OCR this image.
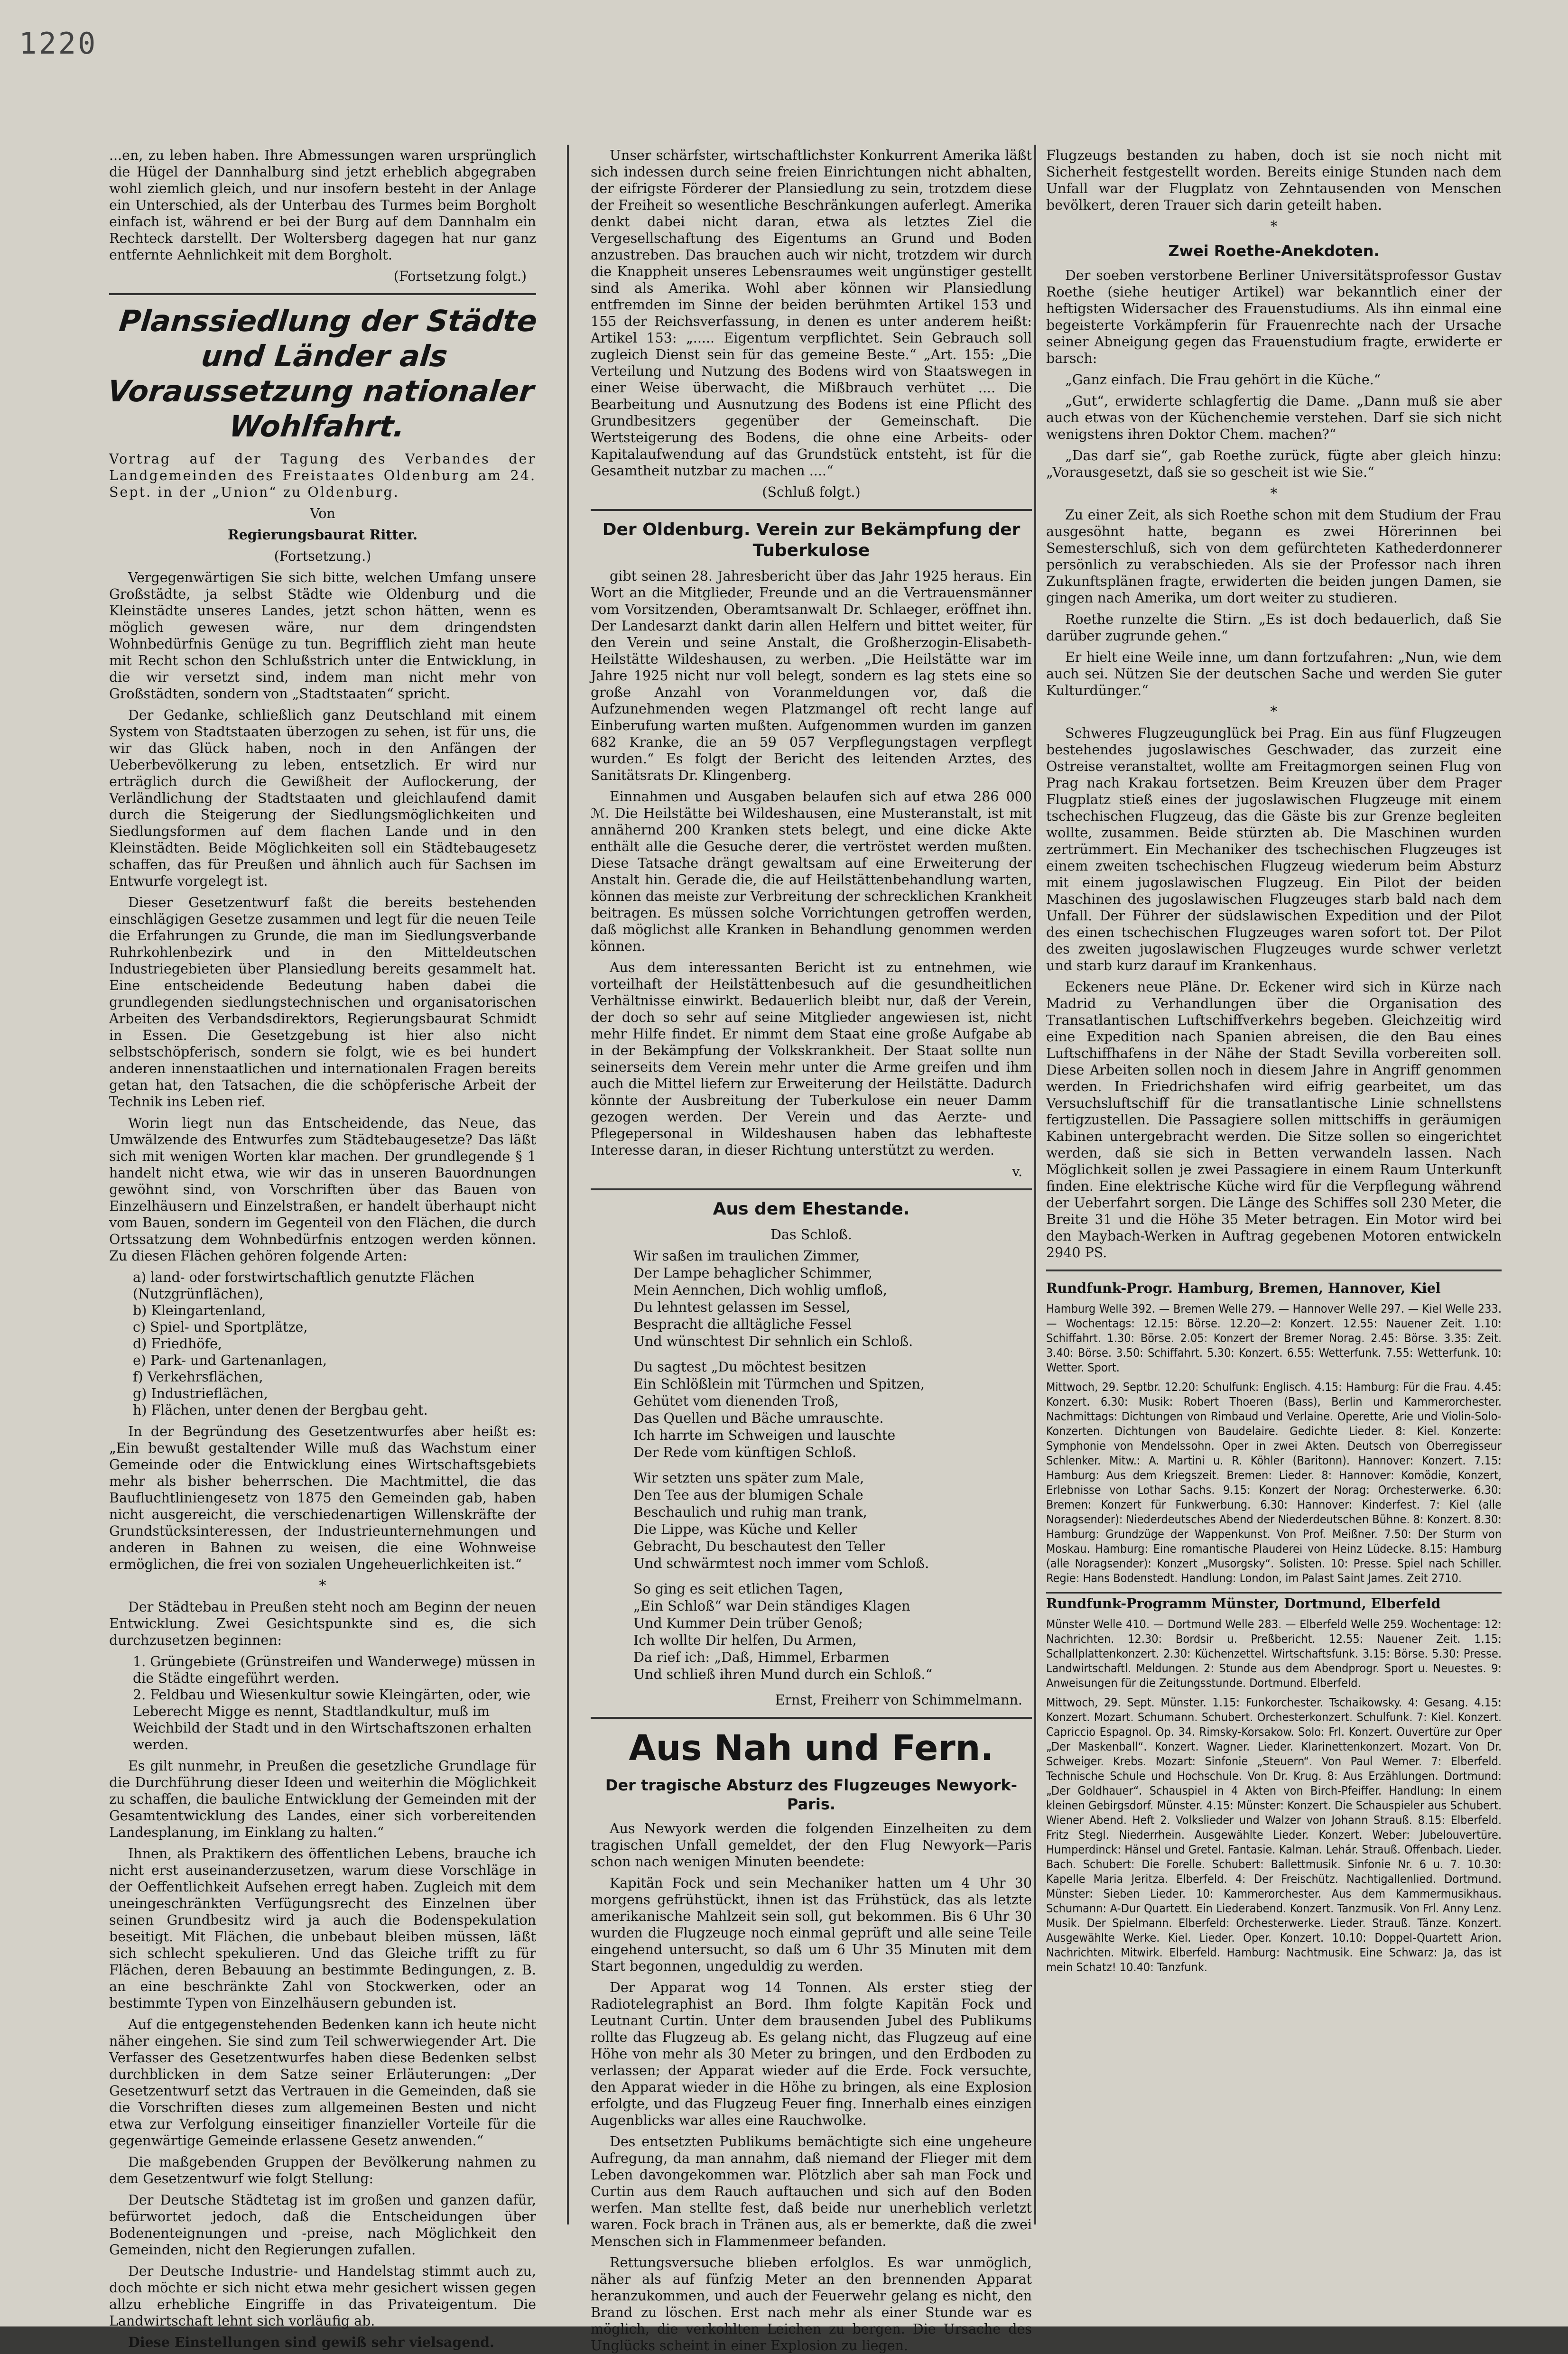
1220

...en, zu leben haben. Ihre Abmessungen waren ursprünglich die Hügel der Dannhalburg sind jetzt erheblich abgegraben wohl ziemlich gleich, und nur insofern besteht in der Anlage ein Unterschied, als der Unterbau des Turmes beim Borgholt einfach ist, während er bei der Burg auf dem Dannhalm ein Rechteck darstellt. Der Woltersberg dagegen hat nur ganz entfernte Aehnlichkeit mit dem Borgholt.

(Fortsetzung folgt.)

Planssiedlung der Städte und Länder als Voraussetzung nationaler Wohlfahrt.

Vortrag auf der Tagung des Verbandes der Landgemeinden des Freistaates Oldenburg am 24. Sept. in der „Union“ zu Oldenburg.

Von

Regierungsbaurat Ritter.

(Fortsetzung.)

Vergegenwärtigen Sie sich bitte, welchen Umfang unsere Großstädte, ja selbst Städte wie Oldenburg und die Kleinstädte unseres Landes, jetzt schon hätten, wenn es möglich gewesen wäre, nur dem dringendsten Wohnbedürfnis Genüge zu tun. Begrifflich zieht man heute mit Recht schon den Schlußstrich unter die Entwicklung, in die wir versetzt sind, indem man nicht mehr von Großstädten, sondern von „Stadtstaaten“ spricht.

Der Gedanke, schließlich ganz Deutschland mit einem System von Stadtstaaten überzogen zu sehen, ist für uns, die wir das Glück haben, noch in den Anfängen der Ueberbevölkerung zu leben, entsetzlich. Er wird nur erträglich durch die Gewißheit der Auflockerung, der Verländlichung der Stadtstaaten und gleichlaufend damit durch die Steigerung der Siedlungsmöglichkeiten und Siedlungsformen auf dem flachen Lande und in den Kleinstädten. Beide Möglichkeiten soll ein Städtebaugesetz schaffen, das für Preußen und ähnlich auch für Sachsen im Entwurfe vorgelegt ist.

Dieser Gesetzentwurf faßt die bereits bestehenden einschlägigen Gesetze zusammen und legt für die neuen Teile die Erfahrungen zu Grunde, die man im Siedlungsverbande Ruhrkohlenbezirk und in den Mitteldeutschen Industriegebieten über Plansiedlung bereits gesammelt hat. Eine entscheidende Bedeutung haben dabei die grundlegenden siedlungstechnischen und organisatorischen Arbeiten des Verbandsdirektors, Regierungsbaurat Schmidt in Essen. Die Gesetzgebung ist hier also nicht selbstschöpferisch, sondern sie folgt, wie es bei hundert anderen innenstaatlichen und internationalen Fragen bereits getan hat, den Tatsachen, die die schöpferische Arbeit der Technik ins Leben rief.

Worin liegt nun das Entscheidende, das Neue, das Umwälzende des Entwurfes zum Städtebaugesetze? Das läßt sich mit wenigen Worten klar machen. Der grundlegende § 1 handelt nicht etwa, wie wir das in unseren Bauordnungen gewöhnt sind, von Vorschriften über das Bauen von Einzelhäusern und Einzelstraßen, er handelt überhaupt nicht vom Bauen, sondern im Gegenteil von den Flächen, die durch Ortssatzung dem Wohnbedürfnis entzogen werden können. Zu diesen Flächen gehören folgende Arten:

a) land- oder forstwirtschaftlich genutzte Flächen (Nutzgrünflächen),
b) Kleingartenland,
c) Spiel- und Sportplätze,
d) Friedhöfe,
e) Park- und Gartenanlagen,
f) Verkehrsflächen,
g) Industrieflächen,
h) Flächen, unter denen der Bergbau geht.

In der Begründung des Gesetzentwurfes aber heißt es: „Ein bewußt gestaltender Wille muß das Wachstum einer Gemeinde oder die Entwicklung eines Wirtschaftsgebiets mehr als bisher beherrschen. Die Machtmittel, die das Baufluchtliniengesetz von 1875 den Gemeinden gab, haben nicht ausgereicht, die verschiedenartigen Willenskräfte der Grundstücksinteressen, der Industrieunternehmungen und anderen in Bahnen zu weisen, die eine Wohnweise ermöglichen, die frei von sozialen Ungeheuerlichkeiten ist.“

*

Der Städtebau in Preußen steht noch am Beginn der neuen Entwicklung. Zwei Gesichtspunkte sind es, die sich durchzusetzen beginnen:

1. Grüngebiete (Grünstreifen und Wanderwege) müssen in die Städte eingeführt werden.
2. Feldbau und Wiesenkultur sowie Kleingärten, oder, wie Leberecht Migge es nennt, Stadtlandkultur, muß im Weichbild der Stadt und in den Wirtschaftszonen erhalten werden.

Es gilt nunmehr, in Preußen die gesetzliche Grundlage für die Durchführung dieser Ideen und weiterhin die Möglichkeit zu schaffen, die bauliche Entwicklung der Gemeinden mit der Gesamtentwicklung des Landes, einer sich vorbereitenden Landesplanung, im Einklang zu halten.“

Ihnen, als Praktikern des öffentlichen Lebens, brauche ich nicht erst auseinanderzusetzen, warum diese Vorschläge in der Oeffentlichkeit Aufsehen erregt haben. Zugleich mit dem uneingeschränkten Verfügungsrecht des Einzelnen über seinen Grundbesitz wird ja auch die Bodenspekulation beseitigt. Mit Flächen, die unbebaut bleiben müssen, läßt sich schlecht spekulieren. Und das Gleiche trifft zu für Flächen, deren Bebauung an bestimmte Bedingungen, z. B. an eine beschränkte Zahl von Stockwerken, oder an bestimmte Typen von Einzelhäusern gebunden ist.

Auf die entgegenstehenden Bedenken kann ich heute nicht näher eingehen. Sie sind zum Teil schwerwiegender Art. Die Verfasser des Gesetzentwurfes haben diese Bedenken selbst durchblicken in dem Satze seiner Erläuterungen: „Der Gesetzentwurf setzt das Vertrauen in die Gemeinden, daß sie die Vorschriften dieses zum allgemeinen Besten und nicht etwa zur Verfolgung einseitiger finanzieller Vorteile für die gegenwärtige Gemeinde erlassene Gesetz anwenden.“

Die maßgebenden Gruppen der Bevölkerung nahmen zu dem Gesetzentwurf wie folgt Stellung:

Der Deutsche Städtetag ist im großen und ganzen dafür, befürwortet jedoch, daß die Entscheidungen über Bodenenteignungen und -preise, nach Möglichkeit den Gemeinden, nicht den Regierungen zufallen.

Der Deutsche Industrie- und Handelstag stimmt auch zu, doch möchte er sich nicht etwa mehr gesichert wissen gegen allzu erhebliche Eingriffe in das Privateigentum. Die Landwirtschaft lehnt sich vorläufig ab.

Diese Einstellungen sind gewiß sehr vielsagend.

Unser schärfster, wirtschaftlichster Konkurrent Amerika läßt sich indessen durch seine freien Einrichtungen nicht abhalten, der eifrigste Förderer der Plansiedlung zu sein, trotzdem diese der Freiheit so wesentliche Beschränkungen auferlegt. Amerika denkt dabei nicht daran, etwa als letztes Ziel die Vergesellschaftung des Eigentums an Grund und Boden anzustreben. Das brauchen auch wir nicht, trotzdem wir durch die Knappheit unseres Lebensraumes weit ungünstiger gestellt sind als Amerika. Wohl aber können wir Plansiedlung entfremden im Sinne der beiden berühmten Artikel 153 und 155 der Reichsverfassung, in denen es unter anderem heißt: Artikel 153: „..... Eigentum verpflichtet. Sein Gebrauch soll zugleich Dienst sein für das gemeine Beste.“ „Art. 155: „Die Verteilung und Nutzung des Bodens wird von Staatswegen in einer Weise überwacht, die Mißbrauch verhütet .... Die Bearbeitung und Ausnutzung des Bodens ist eine Pflicht des Grundbesitzers gegenüber der Gemeinschaft. Die Wertsteigerung des Bodens, die ohne eine Arbeits- oder Kapitalaufwendung auf das Grundstück entsteht, ist für die Gesamtheit nutzbar zu machen ....“

(Schluß folgt.)

Der Oldenburg. Verein zur Bekämpfung der Tuberkulose

gibt seinen 28. Jahresbericht über das Jahr 1925 heraus. Ein Wort an die Mitglieder, Freunde und an die Vertrauensmänner vom Vorsitzenden, Oberamtsanwalt Dr. Schlaeger, eröffnet ihn. Der Landesarzt dankt darin allen Helfern und bittet weiter, für den Verein und seine Anstalt, die Großherzogin-Elisabeth-Heilstätte Wildeshausen, zu werben. „Die Heilstätte war im Jahre 1925 nicht nur voll belegt, sondern es lag stets eine so große Anzahl von Voranmeldungen vor, daß die Aufzunehmenden wegen Platzmangel oft recht lange auf Einberufung warten mußten. Aufgenommen wurden im ganzen 682 Kranke, die an 59 057 Verpflegungstagen verpflegt wurden.“ Es folgt der Bericht des leitenden Arztes, des Sanitätsrats Dr. Klingenberg.

Einnahmen und Ausgaben belaufen sich auf etwa 286 000 ℳ. Die Heilstätte bei Wildeshausen, eine Musteranstalt, ist mit annähernd 200 Kranken stets belegt, und eine dicke Akte enthält alle die Gesuche derer, die vertröstet werden mußten. Diese Tatsache drängt gewaltsam auf eine Erweiterung der Anstalt hin. Gerade die, die auf Heilstättenbehandlung warten, können das meiste zur Verbreitung der schrecklichen Krankheit beitragen. Es müssen solche Vorrichtungen getroffen werden, daß möglichst alle Kranken in Behandlung genommen werden können.

Aus dem interessanten Bericht ist zu entnehmen, wie vorteilhaft der Heilstättenbesuch auf die gesundheitlichen Verhältnisse einwirkt. Bedauerlich bleibt nur, daß der Verein, der doch so sehr auf seine Mitglieder angewiesen ist, nicht mehr Hilfe findet. Er nimmt dem Staat eine große Aufgabe ab in der Bekämpfung der Volkskrankheit. Der Staat sollte nun seinerseits dem Verein mehr unter die Arme greifen und ihm auch die Mittel liefern zur Erweiterung der Heilstätte. Dadurch könnte der Ausbreitung der Tuberkulose ein neuer Damm gezogen werden. Der Verein und das Aerzte- und Pflegepersonal in Wildeshausen haben das lebhafteste Interesse daran, in dieser Richtung unterstützt zu werden.

v.

Aus dem Ehestande.

Das Schloß.

Wir saßen im traulichen Zimmer,
Der Lampe behaglicher Schimmer,
Mein Aennchen, Dich wohlig umfloß,
Du lehntest gelassen im Sessel,
Bespracht die alltägliche Fessel
Und wünschtest Dir sehnlich ein Schloß.
Du sagtest „Du möchtest besitzen
Ein Schlößlein mit Türmchen und Spitzen,
Gehütet vom dienenden Troß,
Das Quellen und Bäche umrauschte.
Ich harrte im Schweigen und lauschte
Der Rede vom künftigen Schloß.
Wir setzten uns später zum Male,
Den Tee aus der blumigen Schale
Beschaulich und ruhig man trank,
Die Lippe, was Küche und Keller
Gebracht, Du beschautest den Teller
Und schwärmtest noch immer vom Schloß.
So ging es seit etlichen Tagen,
„Ein Schloß“ war Dein ständiges Klagen
Und Kummer Dein trüber Genoß;
Ich wollte Dir helfen, Du Armen,
Da rief ich: „Daß, Himmel, Erbarmen
Und schließ ihren Mund durch ein Schloß.“

Ernst, Freiherr von Schimmelmann.

Aus Nah und Fern.
Der tragische Absturz des Flugzeuges Newyork-Paris.

Aus Newyork werden die folgenden Einzelheiten zu dem tragischen Unfall gemeldet, der den Flug Newyork—Paris schon nach wenigen Minuten beendete:

Kapitän Fock und sein Mechaniker hatten um 4 Uhr 30 morgens gefrühstückt, ihnen ist das Frühstück, das als letzte amerikanische Mahlzeit sein soll, gut bekommen. Bis 6 Uhr 30 wurden die Flugzeuge noch einmal geprüft und alle seine Teile eingehend untersucht, so daß um 6 Uhr 35 Minuten mit dem Start begonnen, ungeduldig zu werden.

Der Apparat wog 14 Tonnen. Als erster stieg der Radiotelegraphist an Bord. Ihm folgte Kapitän Fock und Leutnant Curtin. Unter dem brausenden Jubel des Publikums rollte das Flugzeug ab. Es gelang nicht, das Flugzeug auf eine Höhe von mehr als 30 Meter zu bringen, und den Erdboden zu verlassen; der Apparat wieder auf die Erde. Fock versuchte, den Apparat wieder in die Höhe zu bringen, als eine Explosion erfolgte, und das Flugzeug Feuer fing. Innerhalb eines einzigen Augenblicks war alles eine Rauchwolke.

Des entsetzten Publikums bemächtigte sich eine ungeheure Aufregung, da man annahm, daß niemand der Flieger mit dem Leben davongekommen war. Plötzlich aber sah man Fock und Curtin aus dem Rauch auftauchen und sich auf den Boden werfen. Man stellte fest, daß beide nur unerheblich verletzt waren. Fock brach in Tränen aus, als er bemerkte, daß die zwei Menschen sich in Flammenmeer befanden.

Rettungsversuche blieben erfolglos. Es war unmöglich, näher als auf fünfzig Meter an den brennenden Apparat heranzukommen, und auch der Feuerwehr gelang es nicht, den Brand zu löschen. Erst nach mehr als einer Stunde war es möglich, die verkohlten Leichen zu bergen. Die Ursache des Unglücks scheint in einer Explosion zu liegen.

Flugzeugs bestanden zu haben, doch ist sie noch nicht mit Sicherheit festgestellt worden. Bereits einige Stunden nach dem Unfall war der Flugplatz von Zehntausenden von Menschen bevölkert, deren Trauer sich darin geteilt haben.

*
Zwei Roethe-Anekdoten.

Der soeben verstorbene Berliner Universitätsprofessor Gustav Roethe (siehe heutiger Artikel) war bekanntlich einer der heftigsten Widersacher des Frauenstudiums. Als ihn einmal eine begeisterte Vorkämpferin für Frauenrechte nach der Ursache seiner Abneigung gegen das Frauenstudium fragte, erwiderte er barsch:

„Ganz einfach. Die Frau gehört in die Küche.“

„Gut“, erwiderte schlagfertig die Dame. „Dann muß sie aber auch etwas von der Küchenchemie verstehen. Darf sie sich nicht wenigstens ihren Doktor Chem. machen?“

„Das darf sie“, gab Roethe zurück, fügte aber gleich hinzu: „Vorausgesetzt, daß sie so gescheit ist wie Sie.“

*

Zu einer Zeit, als sich Roethe schon mit dem Studium der Frau ausgesöhnt hatte, begann es zwei Hörerinnen bei Semesterschluß, sich von dem gefürchteten Kathederdonnerer persönlich zu verabschieden. Als sie der Professor nach ihren Zukunftsplänen fragte, erwiderten die beiden jungen Damen, sie gingen nach Amerika, um dort weiter zu studieren.

Roethe runzelte die Stirn. „Es ist doch bedauerlich, daß Sie darüber zugrunde gehen.“

Er hielt eine Weile inne, um dann fortzufahren: „Nun, wie dem auch sei. Nützen Sie der deutschen Sache und werden Sie guter Kulturdünger.“

*

Schweres Flugzeugunglück bei Prag. Ein aus fünf Flugzeugen bestehendes jugoslawisches Geschwader, das zurzeit eine Ostreise veranstaltet, wollte am Freitagmorgen seinen Flug von Prag nach Krakau fortsetzen. Beim Kreuzen über dem Prager Flugplatz stieß eines der jugoslawischen Flugzeuge mit einem tschechischen Flugzeug, das die Gäste bis zur Grenze begleiten wollte, zusammen. Beide stürzten ab. Die Maschinen wurden zertrümmert. Ein Mechaniker des tschechischen Flugzeuges ist einem zweiten tschechischen Flugzeug wiederum beim Absturz mit einem jugoslawischen Flugzeug. Ein Pilot der beiden Maschinen des jugoslawischen Flugzeuges starb bald nach dem Unfall. Der Führer der südslawischen Expedition und der Pilot des einen tschechischen Flugzeuges waren sofort tot. Der Pilot des zweiten jugoslawischen Flugzeuges wurde schwer verletzt und starb kurz darauf im Krankenhaus.

Eckeners neue Pläne. Dr. Eckener wird sich in Kürze nach Madrid zu Verhandlungen über die Organisation des Transatlantischen Luftschiffverkehrs begeben. Gleichzeitig wird eine Expedition nach Spanien abreisen, die den Bau eines Luftschiffhafens in der Nähe der Stadt Sevilla vorbereiten soll. Diese Arbeiten sollen noch in diesem Jahre in Angriff genommen werden. In Friedrichshafen wird eifrig gearbeitet, um das Versuchsluftschiff für die transatlantische Linie schnellstens fertigzustellen. Die Passagiere sollen mittschiffs in geräumigen Kabinen untergebracht werden. Die Sitze sollen so eingerichtet werden, daß sie sich in Betten verwandeln lassen. Nach Möglichkeit sollen je zwei Passagiere in einem Raum Unterkunft finden. Eine elektrische Küche wird für die Verpflegung während der Ueberfahrt sorgen. Die Länge des Schiffes soll 230 Meter, die Breite 31 und die Höhe 35 Meter betragen. Ein Motor wird bei den Maybach-Werken in Auftrag gegebenen Motoren entwickeln 2940 PS.

Rundfunk-Progr. Hamburg, Bremen, Hannover, Kiel

Hamburg Welle 392. — Bremen Welle 279. — Hannover Welle 297. — Kiel Welle 233. — Wochentags: 12.15: Börse. 12.20—2: Konzert. 12.55: Nauener Zeit. 1.10: Schiffahrt. 1.30: Börse. 2.05: Konzert der Bremer Norag. 2.45: Börse. 3.35: Zeit. 3.40: Börse. 3.50: Schiffahrt. 5.30: Konzert. 6.55: Wetterfunk. 7.55: Wetterfunk. 10: Wetter. Sport.

Mittwoch, 29. Septbr. 12.20: Schulfunk: Englisch. 4.15: Hamburg: Für die Frau. 4.45: Konzert. 6.30: Musik: Robert Thoeren (Bass), Berlin und Kammerorchester. Nachmittags: Dichtungen von Rimbaud und Verlaine. Operette, Arie und Violin-Solo-Konzerten. Dichtungen von Baudelaire. Gedichte Lieder. 8: Kiel. Konzerte: Symphonie von Mendelssohn. Oper in zwei Akten. Deutsch von Oberregisseur Schlenker. Mitw.: A. Martini u. R. Köhler (Baritonn). Hannover: Konzert. 7.15: Hamburg: Aus dem Kriegszeit. Bremen: Lieder. 8: Hannover: Komödie, Konzert, Erlebnisse von Lothar Sachs. 9.15: Konzert der Norag: Orchesterwerke. 6.30: Bremen: Konzert für Funkwerbung. 6.30: Hannover: Kinderfest. 7: Kiel (alle Noragsender): Niederdeutsches Abend der Niederdeutschen Bühne. 8: Konzert. 8.30: Hamburg: Grundzüge der Wappenkunst. Von Prof. Meißner. 7.50: Der Sturm von Moskau. Hamburg: Eine romantische Plauderei von Heinz Lüdecke. 8.15: Hamburg (alle Noragsender): Konzert „Musorgsky“. Solisten. 10: Presse. Spiel nach Schiller. Regie: Hans Bodenstedt. Handlung: London, im Palast Saint James. Zeit 2710.

Rundfunk-Programm Münster, Dortmund, Elberfeld

Münster Welle 410. — Dortmund Welle 283. — Elberfeld Welle 259. Wochentage: 12: Nachrichten. 12.30: Bordsir u. Preßbericht. 12.55: Nauener Zeit. 1.15: Schallplattenkonzert. 2.30: Küchenzettel. Wirtschaftsfunk. 3.15: Börse. 5.30: Presse. Landwirtschaftl. Meldungen. 2: Stunde aus dem Abendprogr. Sport u. Neuestes. 9: Anweisungen für die Zeitungsstunde. Dortmund. Elberfeld.

Mittwoch, 29. Sept. Münster. 1.15: Funkorchester. Tschaikowsky. 4: Gesang. 4.15: Konzert. Mozart. Schumann. Schubert. Orchesterkonzert. Schulfunk. 7: Kiel. Konzert. Capriccio Espagnol. Op. 34. Rimsky-Korsakow. Solo: Frl. Konzert. Ouvertüre zur Oper „Der Maskenball“. Konzert. Wagner. Lieder. Klarinettenkonzert. Mozart. Von Dr. Schweiger. Krebs. Mozart: Sinfonie „Steuern“. Von Paul Wemer. 7: Elberfeld. Technische Schule und Hochschule. Von Dr. Krug. 8: Aus Erzählungen. Dortmund: „Der Goldhauer“. Schauspiel in 4 Akten von Birch-Pfeiffer. Handlung: In einem kleinen Gebirgsdorf. Münster. 4.15: Münster: Konzert. Die Schauspieler aus Schubert. Wiener Abend. Heft 2. Volkslieder und Walzer von Johann Strauß. 8.15: Elberfeld. Fritz Stegl. Niederrhein. Ausgewählte Lieder. Konzert. Weber: Jubelouvertüre. Humperdinck: Hänsel und Gretel. Fantasie. Kalman. Lehár. Strauß. Offenbach. Lieder. Bach. Schubert: Die Forelle. Schubert: Ballettmusik. Sinfonie Nr. 6 u. 7. 10.30: Kapelle Maria Jeritza. Elberfeld. 4: Der Freischütz. Nachtigallenlied. Dortmund. Münster: Sieben Lieder. 10: Kammerorchester. Aus dem Kammermusikhaus. Schumann: A-Dur Quartett. Ein Liederabend. Konzert. Tanzmusik. Von Frl. Anny Lenz. Musik. Der Spielmann. Elberfeld: Orchesterwerke. Lieder. Strauß. Tänze. Konzert. Ausgewählte Werke. Kiel. Lieder. Oper. Konzert. 10.10: Doppel-Quartett Arion. Nachrichten. Mitwirk. Elberfeld. Hamburg: Nachtmusik. Eine Schwarz: Ja, das ist mein Schatz! 10.40: Tanzfunk.
